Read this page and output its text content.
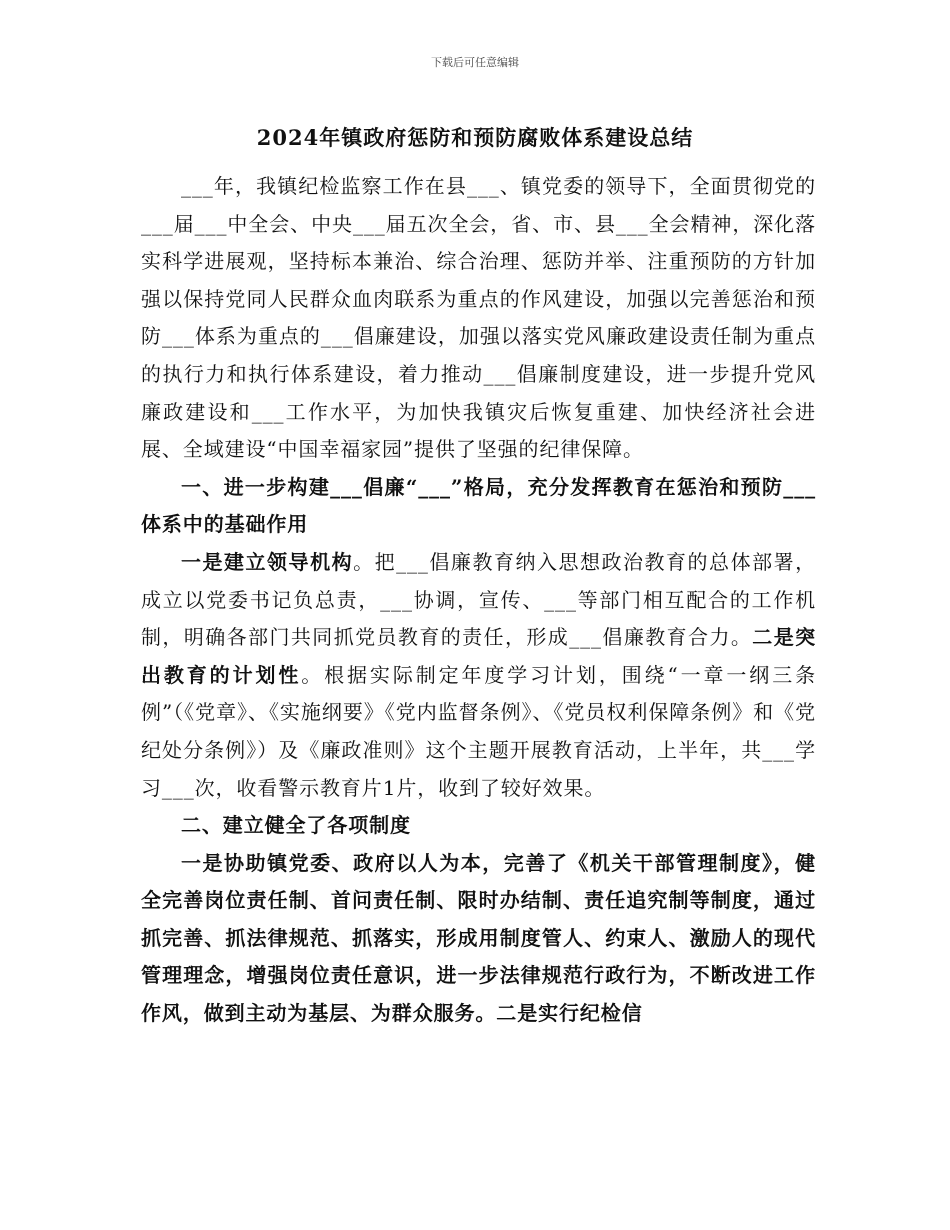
下载后可任意编辑
2024年镇政府惩防和预防腐败体系建设总结

___年，我镇纪检监察工作在县___、镇党委的领导下，全面贯彻党的___届___中全会、中央___届五次全会，省、市、县___全会精神，深化落实科学进展观，坚持标本兼治、综合治理、惩防并举、注重预防的方针加强以保持党同人民群众血肉联系为重点的作风建设，加强以完善惩治和预防___体系为重点的___倡廉建设，加强以落实党风廉政建设责任制为重点的执行力和执行体系建设，着力推动___倡廉制度建设，进一步提升党风廉政建设和___工作水平，为加快我镇灾后恢复重建、加快经济社会进展、全域建设“中国幸福家园”提供了坚强的纪律保障。

一、进一步构建___倡廉“___”格局，充分发挥教育在惩治和预防___体系中的基础作用

一是建立领导机构。把___倡廉教育纳入思想政治教育的总体部署，成立以党委书记负总责，___协调，宣传、___等部门相互配合的工作机制，明确各部门共同抓党员教育的责任，形成___倡廉教育合力。二是突出教育的计划性。根据实际制定年度学习计划，围绕“一章一纲三条例”（《党章》、《实施纲要》《党内监督条例》、《党员权利保障条例》和《党纪处分条例》）及《廉政准则》这个主题开展教育活动，上半年，共___学习___次，收看警示教育片1片，收到了较好效果。

二、建立健全了各项制度

一是协助镇党委、政府以人为本，完善了《机关干部管理制度》，健全完善岗位责任制、首问责任制、限时办结制、责任追究制等制度，通过抓完善、抓法律规范、抓落实，形成用制度管人、约束人、激励人的现代管理理念，增强岗位责任意识，进一步法律规范行政行为，不断改进工作作风，做到主动为基层、为群众服务。二是实行纪检信
